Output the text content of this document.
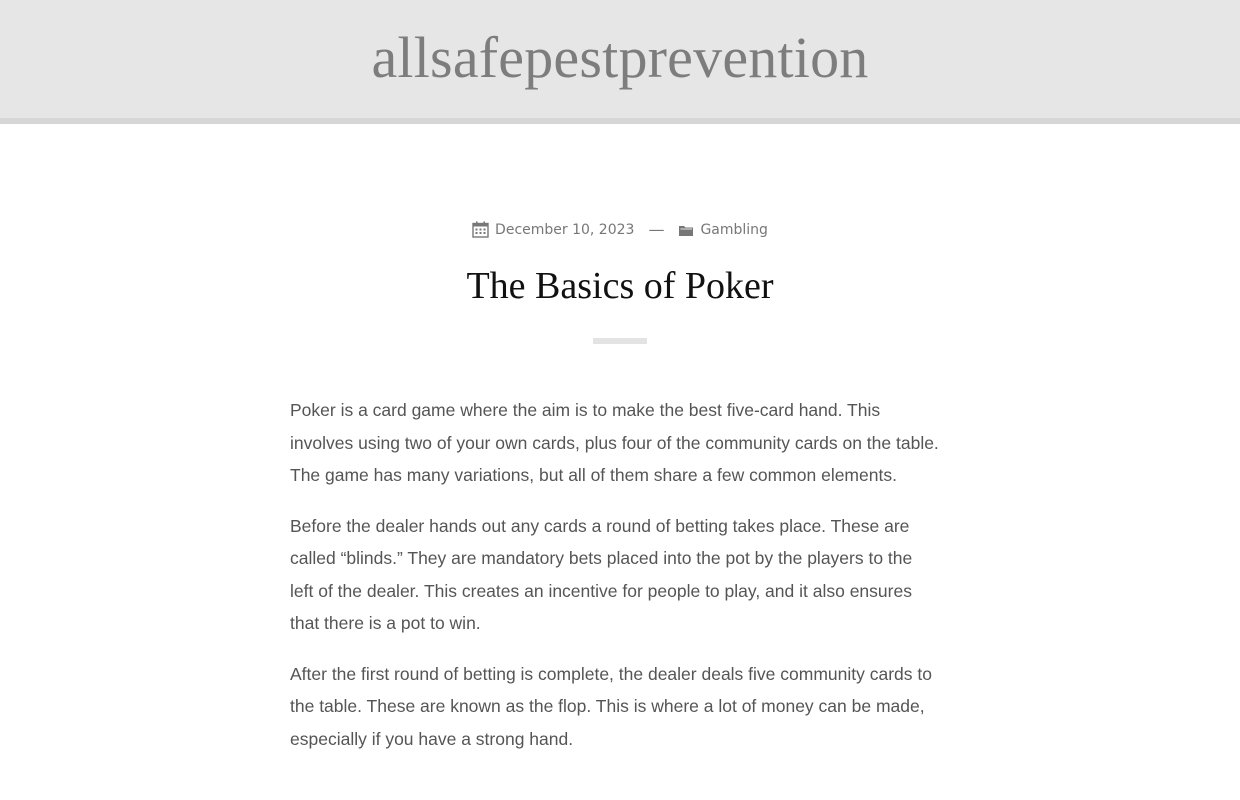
allsafepestprevention
December 10, 2023 —	Gambling
The Basics of Poker

Poker is a card game where the aim is to make the best five-card hand. This involves using two of your own cards, plus four of the community cards on the table. The game has many variations, but all of them share a few common elements.

Before the dealer hands out any cards a round of betting takes place. These are called “blinds.” They are mandatory bets placed into the pot by the players to the left of the dealer. This creates an incentive for people to play, and it also ensures that there is a pot to win.

After the first round of betting is complete, the dealer deals five community cards to the table. These are known as the flop. This is where a lot of money can be made, especially if you have a strong hand.
